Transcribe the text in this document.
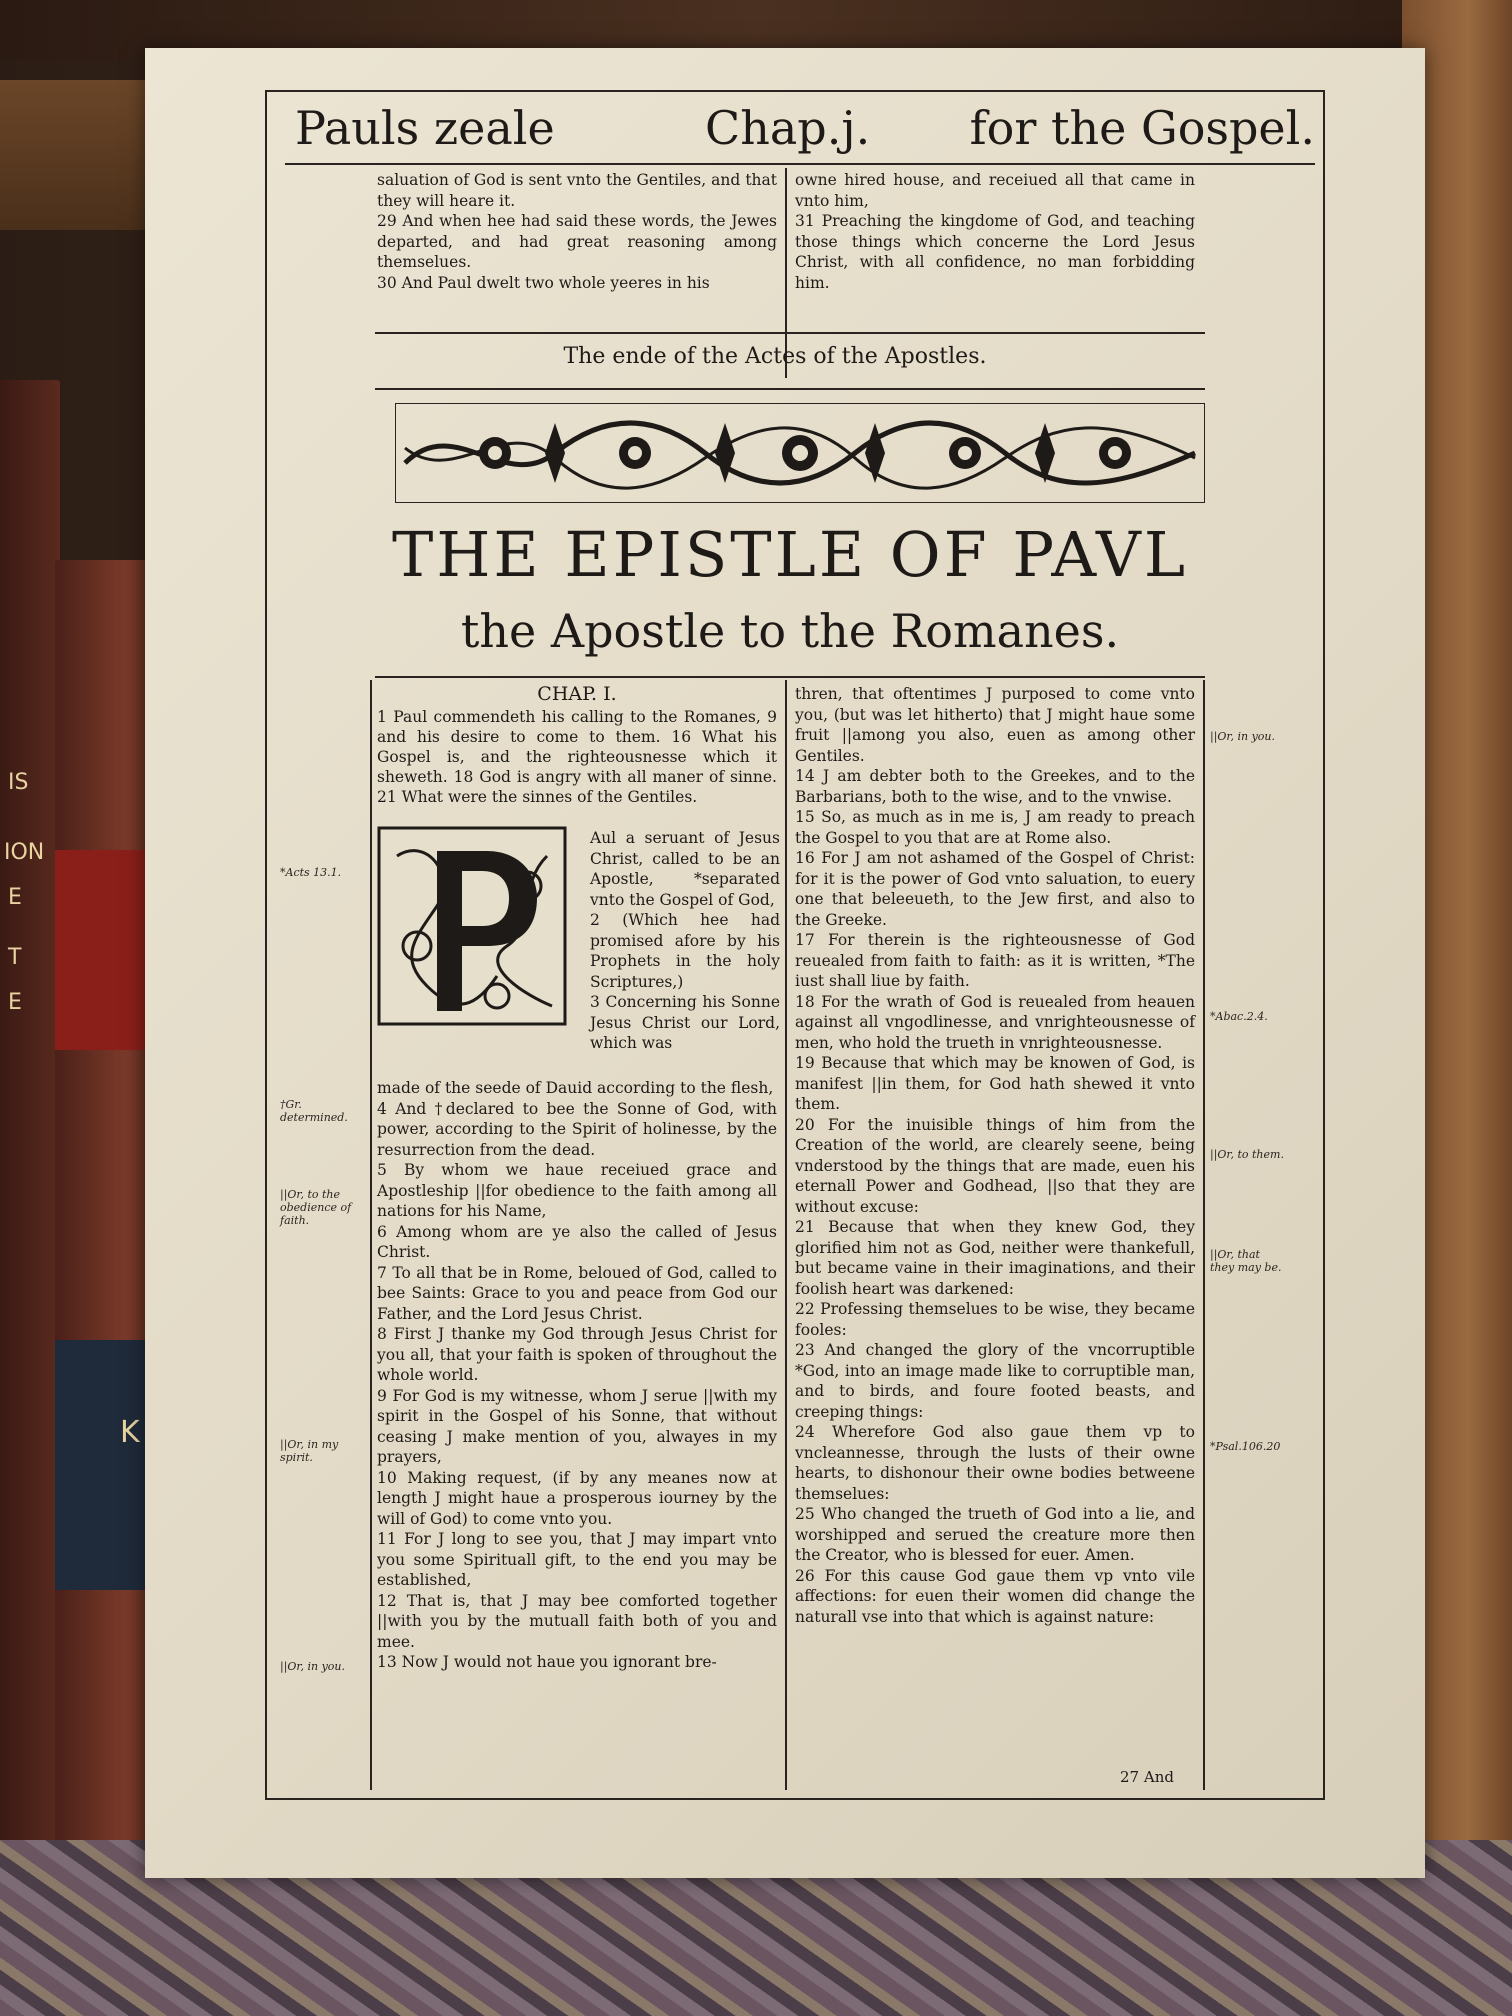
IS
ION
E
T
E
K
Pauls zeale	Chap.j. for the Gospel.

saluation of God is sent vnto the Gentiles, and that they will heare it.

29 And when hee had said these words, the Jewes departed, and had great reasoning among themselues.

30 And Paul dwelt two whole yeeres in his

owne hired house, and receiued all that came in vnto him,

31 Preaching the kingdome of God, and teaching those things which concerne the Lord Jesus Christ, with all confidence, no man forbidding him.

The ende of the Actes of the Apostles.
THE EPISTLE OF PAVL
the Apostle to the Romanes.
CHAP. I.

1 Paul commendeth his calling to the Romanes, 9 and his desire to come to them. 16 What his Gospel is, and the righteousnesse which it sheweth. 18 God is angry with all maner of sinne. 21 What were the sinnes of the Gentiles.

Aul a seruant of Jesus Christ, called to be an Apostle, *separated vnto the Gospel of God,

2 (Which hee had promised afore by his Prophets in the holy Scriptures,)

3 Concerning his Sonne Jesus Christ our Lord, which was

made of the seede of Dauid according to the flesh,

4 And †declared to bee the Sonne of God, with power, according to the Spirit of holinesse, by the resurrection from the dead.

5 By whom we haue receiued grace and Apostleship ||for obedience to the faith among all nations for his Name,

6 Among whom are ye also the called of Jesus Christ.

7 To all that be in Rome, beloued of God, called to bee Saints: Grace to you and peace from God our Father, and the Lord Jesus Christ.

8 First J thanke my God through Jesus Christ for you all, that your faith is spoken of throughout the whole world.

9 For God is my witnesse, whom J serue ||with my spirit in the Gospel of his Sonne, that without ceasing J make mention of you, alwayes in my prayers,

10 Making request, (if by any meanes now at length J might haue a prosperous iourney by the will of God) to come vnto you.

11 For J long to see you, that J may impart vnto you some Spirituall gift, to the end you may be established,

12 That is, that J may bee comforted together ||with you by the mutuall faith both of you and mee.

13 Now J would not haue you ignorant bre-

thren, that oftentimes J purposed to come vnto you, (but was let hitherto) that J might haue some fruit ||among you also, euen as among other Gentiles.

14 J am debter both to the Greekes, and to the Barbarians, both to the wise, and to the vnwise.

15 So, as much as in me is, J am ready to preach the Gospel to you that are at Rome also.

16 For J am not ashamed of the Gospel of Christ: for it is the power of God vnto saluation, to euery one that beleeueth, to the Jew first, and also to the Greeke.

17 For therein is the righteousnesse of God reuealed from faith to faith: as it is written, *The iust shall liue by faith.

18 For the wrath of God is reuealed from heauen against all vngodlinesse, and vnrighteousnesse of men, who hold the trueth in vnrighteousnesse.

19 Because that which may be knowen of God, is manifest ||in them, for God hath shewed it vnto them.

20 For the inuisible things of him from the Creation of the world, are clearely seene, being vnderstood by the things that are made, euen his eternall Power and Godhead, ||so that they are without excuse:

21 Because that when they knew God, they glorified him not as God, neither were thankefull, but became vaine in their imaginations, and their foolish heart was darkened:

22 Professing themselues to be wise, they became fooles:

23 And changed the glory of the vncorruptible *God, into an image made like to corruptible man, and to birds, and foure footed beasts, and creeping things:

24 Wherefore God also gaue them vp to vncleannesse, through the lusts of their owne hearts, to dishonour their owne bodies betweene themselues:

25 Who changed the trueth of God into a lie, and worshipped and serued the creature more then the Creator, who is blessed for euer. Amen.

26 For this cause God gaue them vp vnto vile affections: for euen their women did change the naturall vse into that which is against nature:

27 And
*Acts 13.1.
†Gr. determined.
||Or, to the obedience of faith.
||Or, in my spirit.
||Or, in you.
||Or, in you.
*Abac.2.4.
||Or, to them.
||Or, that they may be.
*Psal.106.20
